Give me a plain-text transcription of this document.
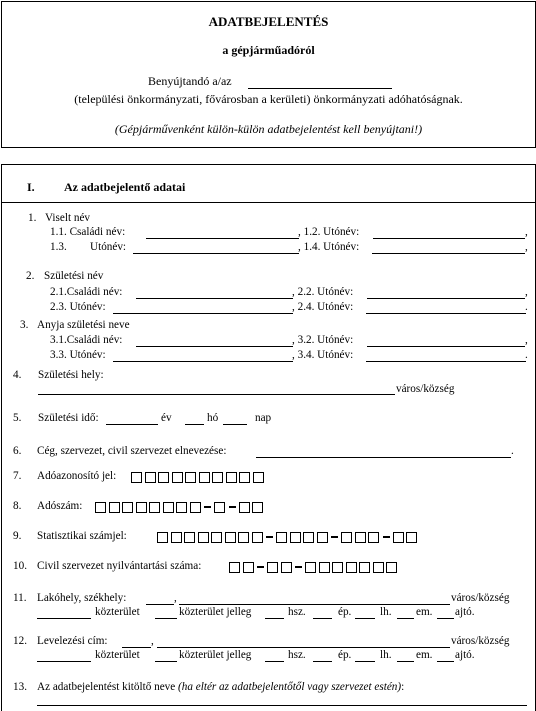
ADATBEJELENTÉS
a gépjárműadóról
Benyújtandó a/az
(települési önkormányzati, fővárosban a kerületi) önkormányzati adóhatóságnak.
(Gépjárművenként külön-külön adatbejelentést kell benyújtani!)
I. Az adatbejelentő adatai
1. Viselt név
1.1. Családi név:	, 1.2. Utónév:	,
1.3. Utónév:	, 1.4. Utónév:	,
2. Születési név
2.1.Családi név:	, 2.2. Utónév:	,
2.3. Utónév:	, 2.4. Utónév:	.
3. Anyja születési neve
3.1.Családi név:	, 3.2. Utónév:	,
3.3. Utónév:	, 3.4. Utónév:	.
4. Születési hely:
város/község
5. Születési idő:	év	hó	nap
6. Cég, szervezet, civil szervezet elnevezése:	.
7. Adóazonosító jel:
8. Adószám:
9. Statisztikai számjel:
10. Civil szervezet nyilvántartási száma:
11. Lakóhely, székhely:	,	város/község
közterület	közterület jelleg	hsz.	ép.	lh. em. ajtó.
12. Levelezési cím:	,	város/község
közterület	közterület jelleg	hsz.	ép.	lh. em. ajtó.
13. Az adatbejelentést kitöltő neve (ha eltér az adatbejelentőtől vagy szervezet estén):
